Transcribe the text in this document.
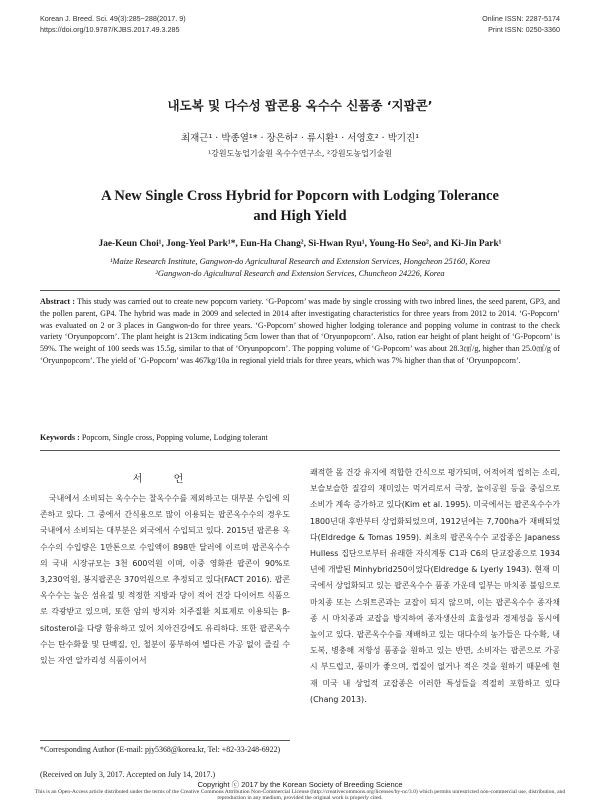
Korean J. Breed. Sci. 49(3):285~288(2017. 9)
https://doi.org/10.9787/KJBS.2017.49.3.285
Online ISSN: 2287-5174
Print ISSN: 0250-3360
내도복 및 다수성 팝콘용 옥수수 신품종 ‘지팝콘’
최재근¹ · 박종열¹* · 장은하² · 류시환¹ · 서영호² · 박기진¹
¹강원도농업기술원 옥수수연구소, ²강원도농업기술원
A New Single Cross Hybrid for Popcorn with Lodging Tolerance
and High Yield
Jae-Keun Choi¹, Jong-Yeol Park¹*, Eun-Ha Chang², Si-Hwan Ryu¹, Young-Ho Seo², and Ki-Jin Park¹
¹Maize Research Institute, Gangwon-do Agricultural Research and Extension Services, Hongcheon 25160, Korea
²Gangwon-do Agicultural Research and Extension Services, Chuncheon 24226, Korea
Abstract : This study was carried out to create new popcorn variety. ‘G-Popcorn’ was made by single crossing with two inbred lines, the seed parent, GP3, and the pollen parent, GP4. The hybrid was made in 2009 and selected in 2014 after investigating characteristics for three years from 2012 to 2014. ‘G-Popcorn’ was evaluated on 2 or 3 places in Gangwon-do for three years. ‘G-Popcorn’ showed higher lodging tolerance and popping volume in contrast to the check variety ‘Oryunpopcorn’. The plant height is 213cm indicating 5cm lower than that of ‘Oryunpopcorn’. Also, ration ear height of plant height of ‘G-Popcorn’ is 59%. The weight of 100 seeds was 15.5g, similar to that of ‘Oryunpopcorn’. The popping volume of ‘G-Popcorn’ was about 28.3㎤/g, higher than 25.0㎤/g of ‘Oryunpopcorn’. The yield of ‘G-Popcorn’ was 467kg/10a in regional yield trials for three years, which was 7% higher than that of ‘Oryunpopcorn’.
Keywords : Popcorn, Single cross, Popping volume, Lodging tolerant
서 언

국내에서 소비되는 옥수수는 찰옥수수를 제외하고는 대부분 수입에 의존하고 있다. 그 중에서 간식용으로 많이 이용되는 팝콘옥수수의 경우도 국내에서 소비되는 대부분은 외국에서 수입되고 있다. 2015년 팝콘용 옥수수의 수입량은 1만톤으로 수입액이 898만 달러에 이르며 팝콘옥수수의 국내 시장규모는 3천 600억원 이며, 이중 영화관 팝콘이 90%로 3,230억원, 봉지팝콘은 370억원으로 추정되고 있다(FACT 2016). 팝콘옥수수는 높은 섬유질 및 적정한 지방과 당이 적어 건강 다이어트 식품으로 각광받고 있으며, 또한 암의 방지와 치주질환 치료제로 이용되는 β-sitosterol을 다량 함유하고 있어 치아건강에도 유리하다. 또한 팝콘옥수수는 탄수화물 및 단백질, 인, 철분이 풍부하여 별다른 가공 없이 즐길 수 있는 자연 알카리성 식품이어서

쾌적한 몸 건강 유지에 적합한 간식으로 평가되며, 어적어적 씹히는 소리, 보슬보슬한 질감의 재미있는 먹거리로서 극장, 놀이공원 등을 중심으로 소비가 계속 증가하고 있다(Kim et al. 1995). 미국에서는 팝콘옥수수가 1800년대 후반부터 상업화되었으며, 1912년에는 7,700ha가 재배되었다(Eldredge & Tomas 1959). 최초의 팝콘옥수수 교잡종은 Japaness Hulless 집단으로부터 유래한 자식계통 C1과 C6의 단교잡종으로 1934년에 개발된 Minhybrid250이었다(Eldredge & Lyerly 1943). 현재 미국에서 상업화되고 있는 팝콘옥수수 품종 가운데 일부는 마치종 불임으로 마치종 또는 스위트콘과는 교잡이 되지 않으며, 이는 팝콘옥수수 종자채종 시 마치종과 교잡을 방지하여 종자생산의 효율성과 경제성을 동시에 높이고 있다. 팝콘옥수수를 재배하고 있는 대다수의 농가들은 다수확, 내도복, 병충해 저항성 품종을 원하고 있는 반면, 소비자는 팝콘으로 가공 시 부드럽고, 풍미가 좋으며, 껍질이 없거나 적은 것을 원하기 때문에 현재 미국 내 상업적 교잡종은 이러한 특성들을 적절히 포함하고 있다(Chang 2013).

*Corresponding Author (E-mail: pjy5368@korea.kr, Tel: +82-33-248-6922)
(Received on July 3, 2017. Accepted on July 14, 2017.)
Copyright ⓒ 2017 by the Korean Society of Breeding Science
This is an Open-Access article distributed under the terms of the Creative Commons Attribution Non-Commercial License (http://creativecommons.org/licenses/by-nc/3.0) which permits unrestricted non-commercial use, distribution, and reproduction in any medium, provided the original work is properly cited.
